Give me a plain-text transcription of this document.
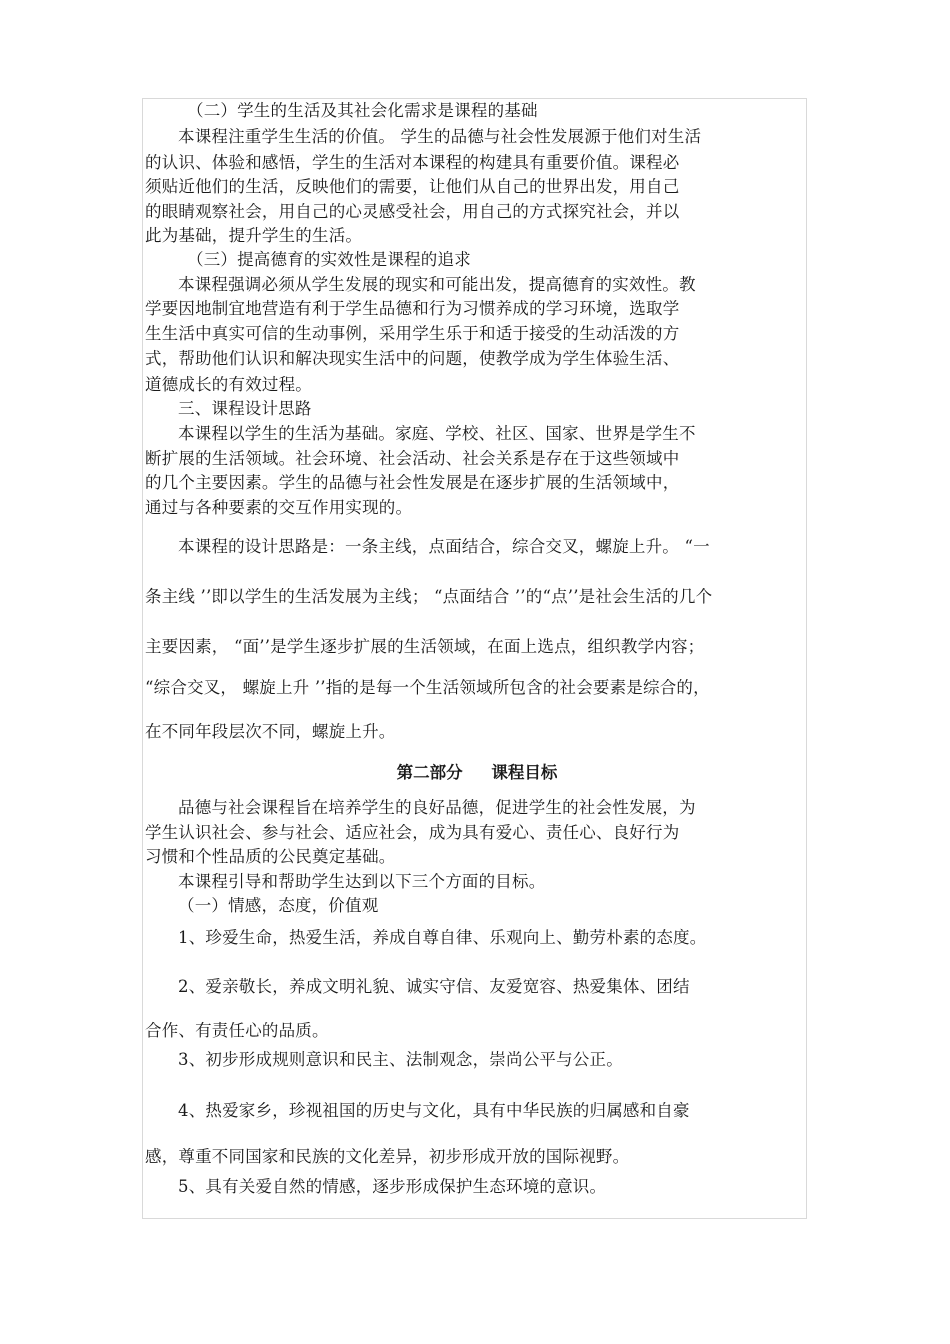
（二）学生的生活及其社会化需求是课程的基础
本课程注重学生生活的价值。 学生的品德与社会性发展源于他们对生活
的认识、体验和感悟，学生的生活对本课程的构建具有重要价值。课程必
须贴近他们的生活，反映他们的需要，让他们从自己的世界出发，用自己
的眼睛观察社会，用自己的心灵感受社会，用自己的方式探究社会，并以
此为基础，提升学生的生活。
（三）提高德育的实效性是课程的追求
本课程强调必须从学生发展的现实和可能出发，提高德育的实效性。教
学要因地制宜地营造有利于学生品德和行为习惯养成的学习环境，选取学
生生活中真实可信的生动事例，采用学生乐于和适于接受的生动活泼的方
式，帮助他们认识和解决现实生活中的问题，使教学成为学生体验生活、
道德成长的有效过程。
三、课程设计思路
本课程以学生的生活为基础。家庭、学校、社区、国家、世界是学生不
断扩展的生活领域。社会环境、社会活动、社会关系是存在于这些领域中
的几个主要因素。学生的品德与社会性发展是在逐步扩展的生活领域中，
通过与各种要素的交互作用实现的。
本课程的设计思路是：一条主线，点面结合，综合交叉，螺旋上升。 “一
条主线 ’’即以学生的生活发展为主线； “点面结合 ’’的“点’’是社会生活的几个
主要因素， “面’’是学生逐步扩展的生活领域，在面上选点，组织教学内容；
“综合交叉， 螺旋上升 ’’指的是每一个生活领域所包含的社会要素是综合的，
在不同年段层次不同，螺旋上升。
第二部分     课程目标
品德与社会课程旨在培养学生的良好品德，促进学生的社会性发展，为
学生认识社会、参与社会、适应社会，成为具有爱心、责任心、良好行为
习惯和个性品质的公民奠定基础。
本课程引导和帮助学生达到以下三个方面的目标。
（一）情感，态度，价值观
1、珍爱生命，热爱生活，养成自尊自律、乐观向上、勤劳朴素的态度。
2、爱亲敬长，养成文明礼貌、诚实守信、友爱宽容、热爱集体、团结
合作、有责任心的品质。
3、初步形成规则意识和民主、法制观念，崇尚公平与公正。
4、热爱家乡，珍视祖国的历史与文化，具有中华民族的归属感和自豪
感，尊重不同国家和民族的文化差异，初步形成开放的国际视野。
5、具有关爱自然的情感，逐步形成保护生态环境的意识。
